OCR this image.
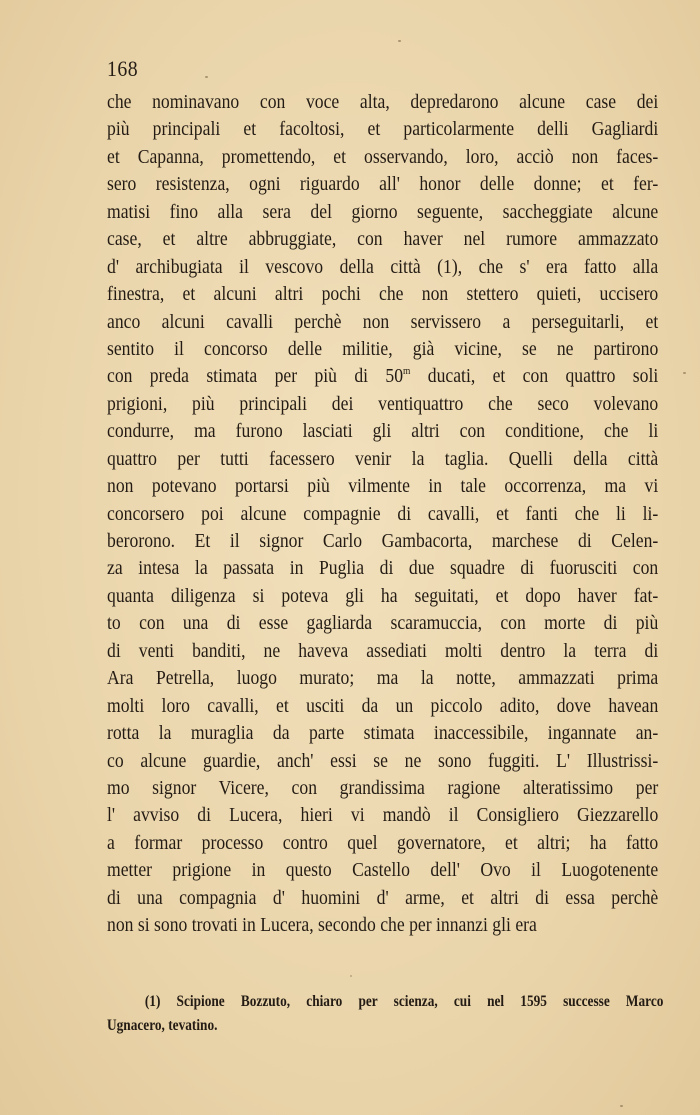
168
che nominavano con voce alta, depredarono alcune case dei
più principali et facoltosi, et particolarmente delli Gagliardi
et Capanna, promettendo, et osservando, loro, acciò non faces-
sero resistenza, ogni riguardo all' honor delle donne; et fer-
matisi fino alla sera del giorno seguente, saccheggiate alcune
case, et altre abbruggiate, con haver nel rumore ammazzato
d' archibugiata il vescovo della città (1), che s' era fatto alla
finestra, et alcuni altri pochi che non stettero quieti, uccisero
anco alcuni cavalli perchè non servissero a perseguitarli, et
sentito il concorso delle militie, già vicine, se ne partirono
con preda stimata per più di 50$^m$ ducati, et con quattro soli
prigioni, più principali dei ventiquattro che seco volevano
condurre, ma furono lasciati gli altri con conditione, che li
quattro per tutti facessero venir la taglia. Quelli della città
non potevano portarsi più vilmente in tale occorrenza, ma vi
concorsero poi alcune compagnie di cavalli, et fanti che li li-
berorono. Et il signor Carlo Gambacorta, marchese di Celen-
za intesa la passata in Puglia di due squadre di fuorusciti con
quanta diligenza si poteva gli ha seguitati, et dopo haver fat-
to con una di esse gagliarda scaramuccia, con morte di più
di venti banditi, ne haveva assediati molti dentro la terra di
Ara Petrella, luogo murato; ma la notte, ammazzati prima
molti loro cavalli, et usciti da un piccolo adito, dove havean
rotta la muraglia da parte stimata inaccessibile, ingannate an-
co alcune guardie, anch' essi se ne sono fuggiti. L' Illustrissi-
mo signor Vicere, con grandissima ragione alteratissimo per
l' avviso di Lucera, hieri vi mandò il Consigliero Giezzarello
a formar processo contro quel governatore, et altri; ha fatto
metter prigione in questo Castello dell' Ovo il Luogotenente
di una compagnia d' huomini d' arme, et altri di essa perchè
non si sono trovati in Lucera, secondo che per innanzi gli era
(1) Scipione Bozzuto, chiaro per scienza, cui nel 1595 successe Marco
Ugnacero, tevatino.
